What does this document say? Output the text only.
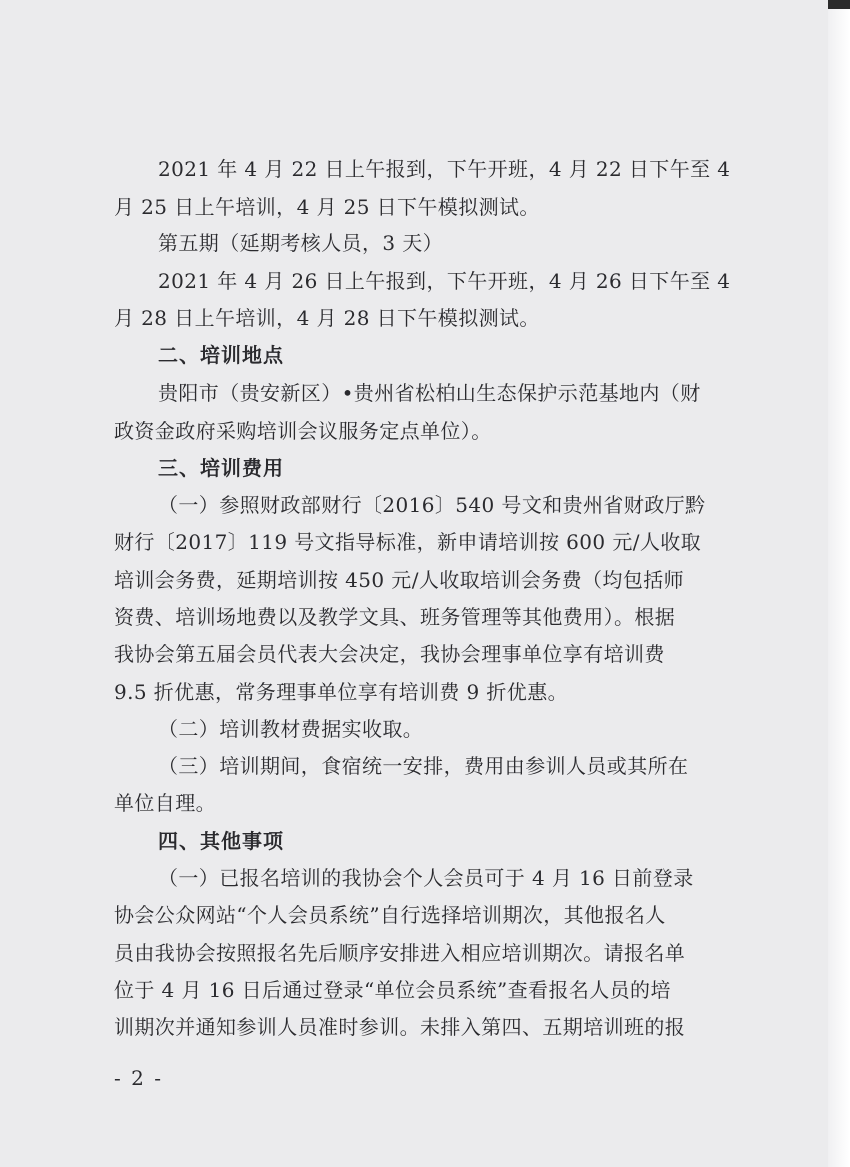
2021 年 4 月 22 日上午报到，下午开班，4 月 22 日下午至 4
月 25 日上午培训，4 月 25 日下午模拟测试。
第五期（延期考核人员，3 天）
2021 年 4 月 26 日上午报到，下午开班，4 月 26 日下午至 4
月 28 日上午培训，4 月 28 日下午模拟测试。
二、培训地点
贵阳市（贵安新区）•贵州省松柏山生态保护示范基地内（财
政资金政府采购培训会议服务定点单位）。
三、培训费用
（一）参照财政部财行〔2016〕540 号文和贵州省财政厅黔
财行〔2017〕119 号文指导标准，新申请培训按 600 元/人收取
培训会务费，延期培训按 450 元/人收取培训会务费（均包括师
资费、培训场地费以及教学文具、班务管理等其他费用）。根据
我协会第五届会员代表大会决定，我协会理事单位享有培训费
9.5 折优惠，常务理事单位享有培训费 9 折优惠。
（二）培训教材费据实收取。
（三）培训期间，食宿统一安排，费用由参训人员或其所在
单位自理。
四、其他事项
（一）已报名培训的我协会个人会员可于 4 月 16 日前登录
协会公众网站“个人会员系统”自行选择培训期次，其他报名人
员由我协会按照报名先后顺序安排进入相应培训期次。请报名单
位于 4 月 16 日后通过登录“单位会员系统”查看报名人员的培
训期次并通知参训人员准时参训。未排入第四、五期培训班的报
- 2 -
